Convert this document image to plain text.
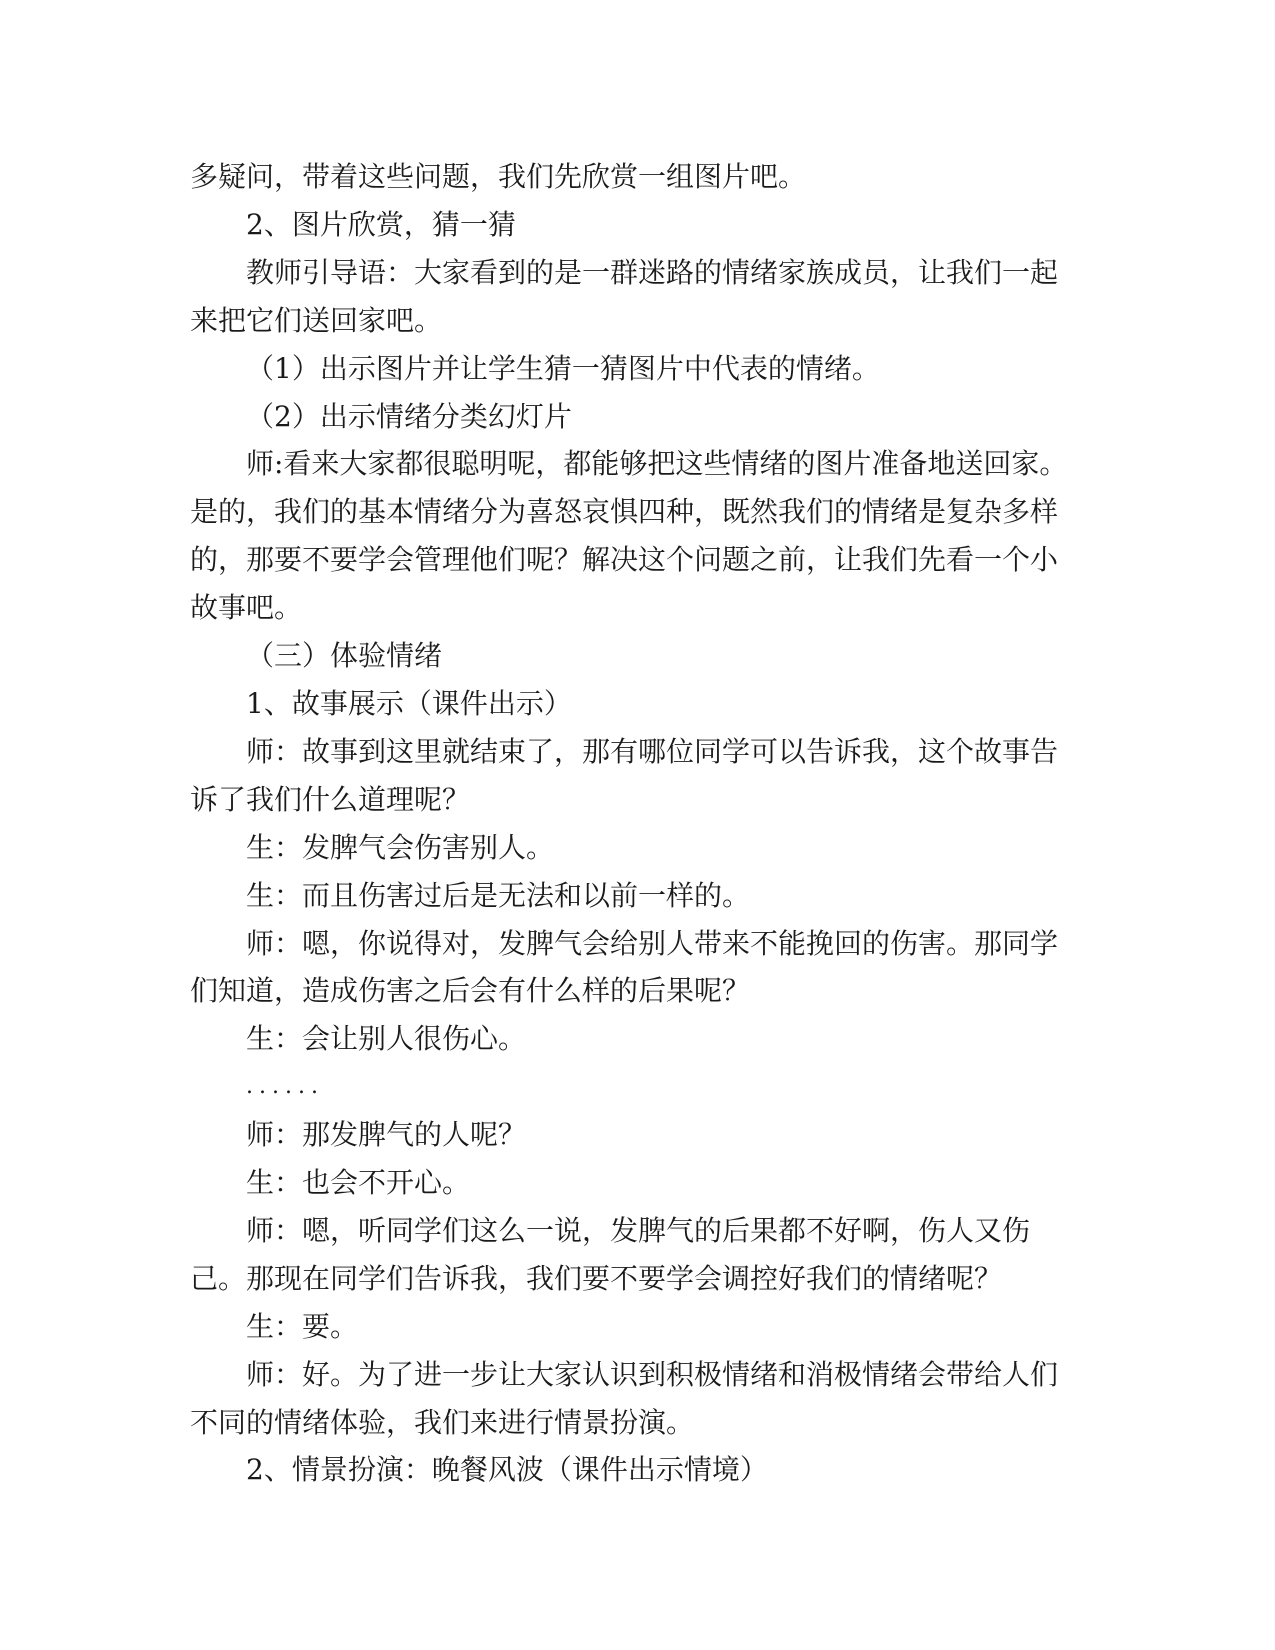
多疑问，带着这些问题，我们先欣赏一组图片吧。

2、图片欣赏，猜一猜

教师引导语：大家看到的是一群迷路的情绪家族成员，让我们一起来把它们送回家吧。

（1）出示图片并让学生猜一猜图片中代表的情绪。

（2）出示情绪分类幻灯片

师:看来大家都很聪明呢，都能够把这些情绪的图片准备地送回家。是的，我们的基本情绪分为喜怒哀惧四种，既然我们的情绪是复杂多样的，那要不要学会管理他们呢？解决这个问题之前，让我们先看一个小故事吧。

（三）体验情绪

1、故事展示（课件出示）

师：故事到这里就结束了，那有哪位同学可以告诉我，这个故事告诉了我们什么道理呢？

生：发脾气会伤害别人。

生：而且伤害过后是无法和以前一样的。

师：嗯，你说得对，发脾气会给别人带来不能挽回的伤害。那同学们知道，造成伤害之后会有什么样的后果呢？

生：会让别人很伤心。

......

师：那发脾气的人呢？

生：也会不开心。

师：嗯，听同学们这么一说，发脾气的后果都不好啊，伤人又伤己。那现在同学们告诉我，我们要不要学会调控好我们的情绪呢？

生：要。

师：好。为了进一步让大家认识到积极情绪和消极情绪会带给人们不同的情绪体验，我们来进行情景扮演。

2、情景扮演：晚餐风波（课件出示情境）
